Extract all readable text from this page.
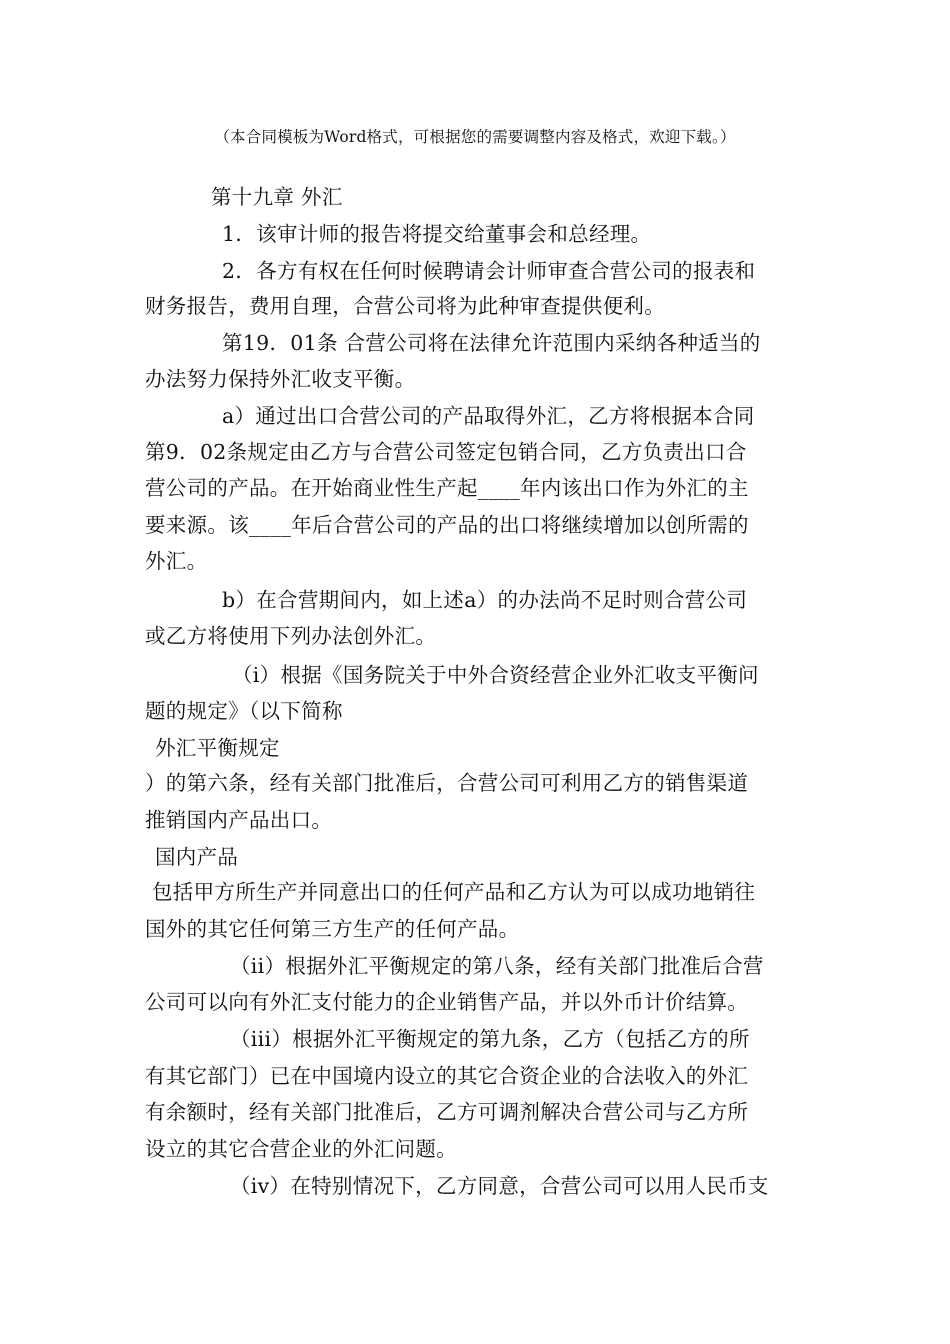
（本合同模板为Word格式，可根据您的需要调整内容及格式，欢迎下载。）
第十九章 外汇
1．该审计师的报告将提交给董事会和总经理。
2．各方有权在任何时候聘请会计师审查合营公司的报表和
财务报告，费用自理，合营公司将为此种审查提供便利。
第19．01条 合营公司将在法律允许范围内采纳各种适当的
办法努力保持外汇收支平衡。
a）通过出口合营公司的产品取得外汇，乙方将根据本合同
第9．02条规定由乙方与合营公司签定包销合同，乙方负责出口合
营公司的产品。在开始商业性生产起____年内该出口作为外汇的主
要来源。该____年后合营公司的产品的出口将继续增加以创所需的
外汇。
b）在合营期间内，如上述a）的办法尚不足时则合营公司
或乙方将使用下列办法创外汇。
（i）根据《国务院关于中外合资经营企业外汇收支平衡问
题的规定》（以下简称
外汇平衡规定
）的第六条，经有关部门批准后，合营公司可利用乙方的销售渠道
推销国内产品出口。
国内产品
包括甲方所生产并同意出口的任何产品和乙方认为可以成功地销往
国外的其它任何第三方生产的任何产品。
（ii）根据外汇平衡规定的第八条，经有关部门批准后合营
公司可以向有外汇支付能力的企业销售产品，并以外币计价结算。
（iii）根据外汇平衡规定的第九条，乙方（包括乙方的所
有其它部门）已在中国境内设立的其它合资企业的合法收入的外汇
有余额时，经有关部门批准后，乙方可调剂解决合营公司与乙方所
设立的其它合营企业的外汇问题。
（iv）在特别情况下，乙方同意，合营公司可以用人民币支
